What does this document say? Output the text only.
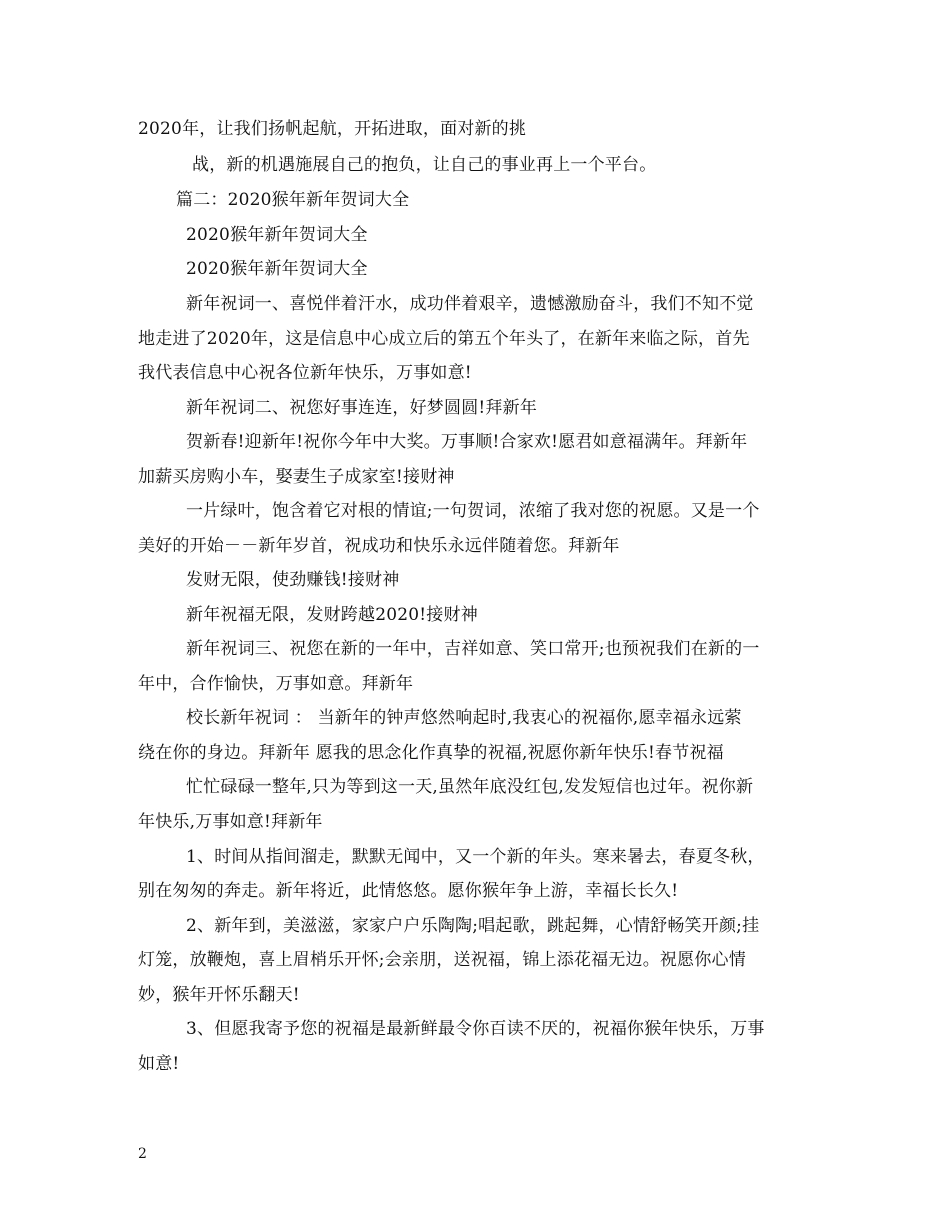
2020年，让我们扬帆起航，开拓进取，面对新的挑
战，新的机遇施展自己的抱负，让自己的事业再上一个平台。
篇二：2020猴年新年贺词大全
2020猴年新年贺词大全
2020猴年新年贺词大全
新年祝词一、喜悦伴着汗水，成功伴着艰辛，遗憾激励奋斗，我们不知不觉
地走进了2020年，这是信息中心成立后的第五个年头了，在新年来临之际，首先
我代表信息中心祝各位新年快乐，万事如意!
新年祝词二、祝您好事连连，好梦圆圆!拜新年
贺新春!迎新年!祝你今年中大奖。万事顺!合家欢!愿君如意福满年。拜新年
加薪买房购小车，娶妻生子成家室!接财神
一片绿叶，饱含着它对根的情谊;一句贺词，浓缩了我对您的祝愿。又是一个
美好的开始－－新年岁首，祝成功和快乐永远伴随着您。拜新年
发财无限，使劲赚钱!接财神
新年祝福无限，发财跨越2020!接财神
新年祝词三、祝您在新的一年中，吉祥如意、笑口常开;也预祝我们在新的一
年中，合作愉快，万事如意。拜新年
校长新年祝词 ： 当新年的钟声悠然响起时,我衷心的祝福你,愿幸福永远萦
绕在你的身边。拜新年 愿我的思念化作真挚的祝福,祝愿你新年快乐!春节祝福
忙忙碌碌一整年,只为等到这一天,虽然年底没红包,发发短信也过年。祝你新
年快乐,万事如意!拜新年
1、时间从指间溜走，默默无闻中，又一个新的年头。寒来暑去，春夏冬秋，
别在匆匆的奔走。新年将近，此情悠悠。愿你猴年争上游，幸福长长久!
2、新年到，美滋滋，家家户户乐陶陶;唱起歌，跳起舞，心情舒畅笑开颜;挂
灯笼，放鞭炮，喜上眉梢乐开怀;会亲朋，送祝福，锦上添花福无边。祝愿你心情
妙，猴年开怀乐翻天!
3、但愿我寄予您的祝福是最新鲜最令你百读不厌的，祝福你猴年快乐，万事
如意!
2
